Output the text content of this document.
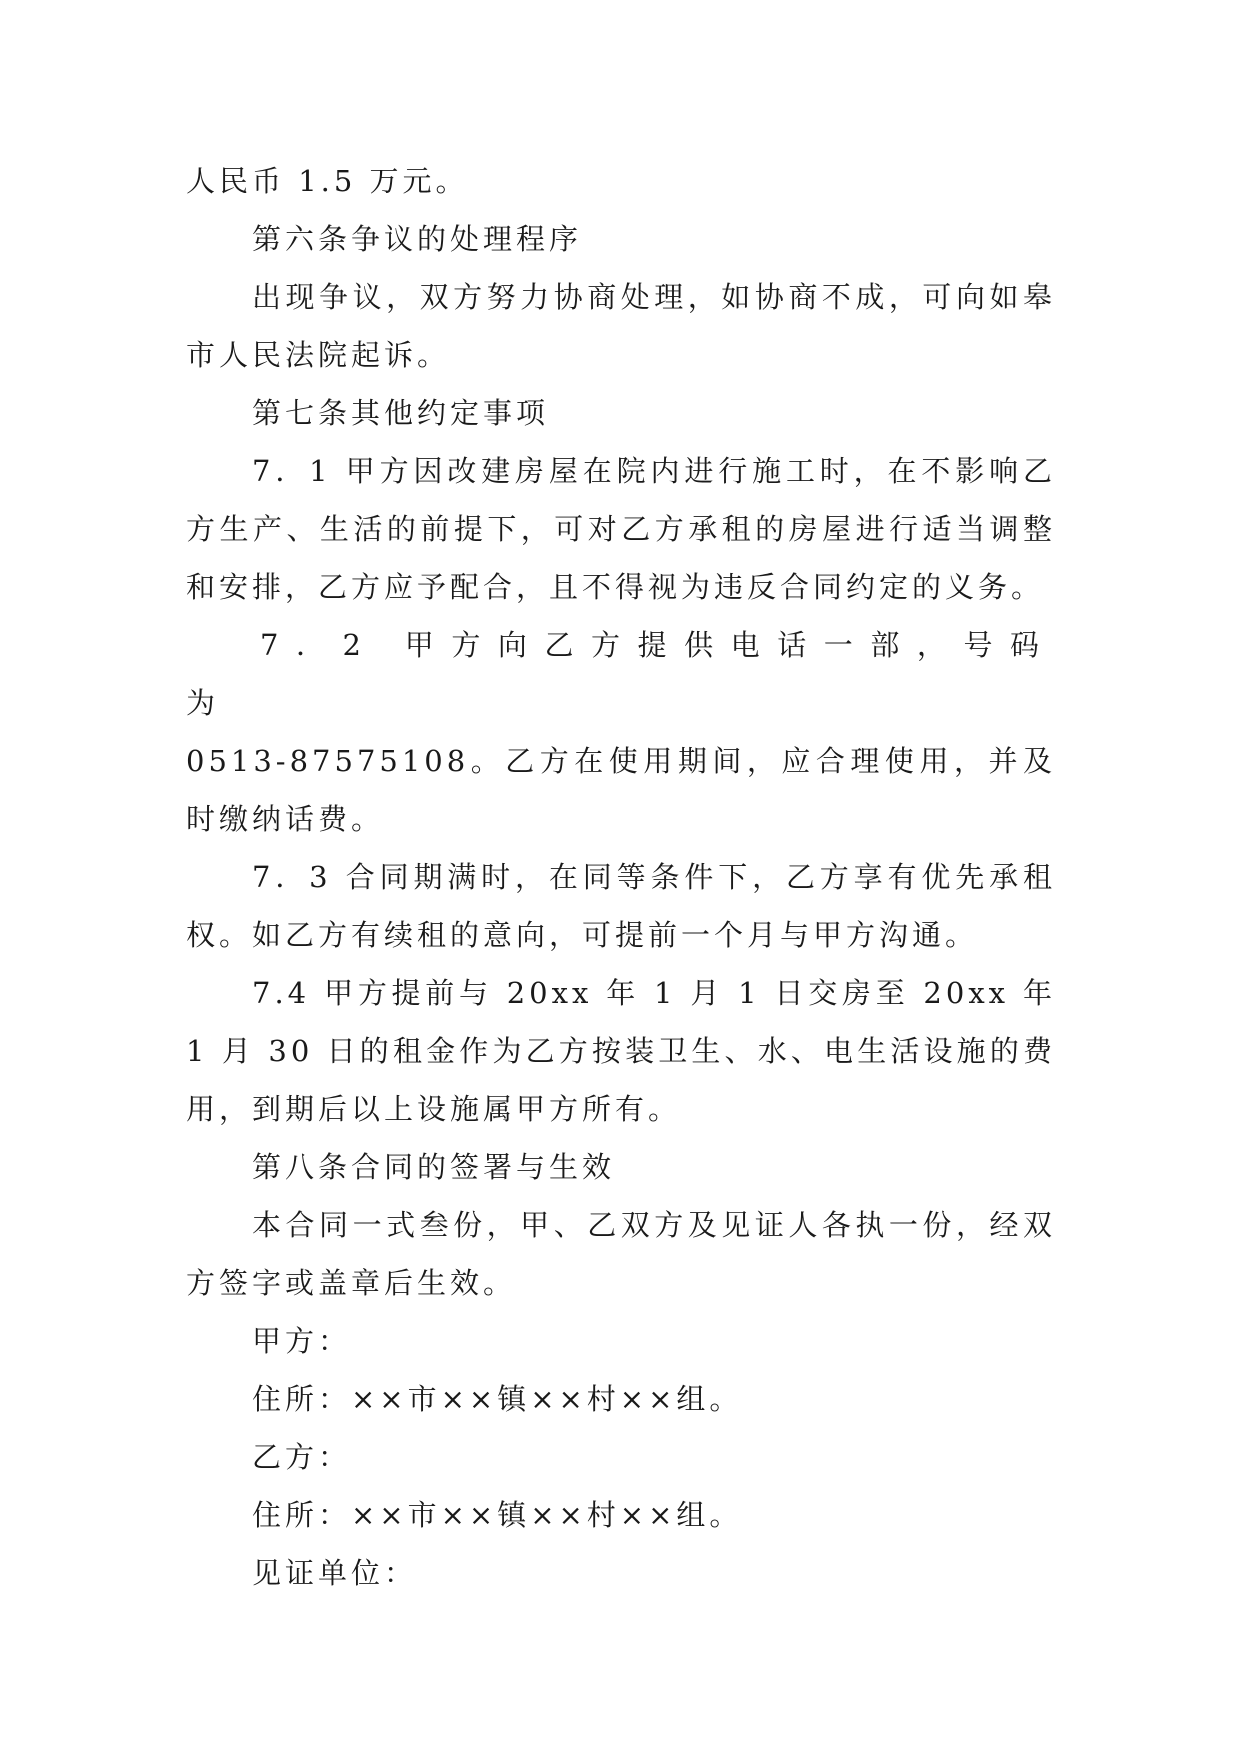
人民币 1.5 万元。

第六条争议的处理程序

出现争议，双方努力协商处理，如协商不成，可向如皋市人民法院起诉。

第七条其他约定事项

7．1 甲方因改建房屋在院内进行施工时，在不影响乙方生产、生活的前提下，可对乙方承租的房屋进行适当调整和安排，乙方应予配合，且不得视为违反合同约定的义务。

7．2 甲方向乙方提供电话一部，号码为

0513-87575108。乙方在使用期间，应合理使用，并及时缴纳话费。

7．3 合同期满时，在同等条件下，乙方享有优先承租权。如乙方有续租的意向，可提前一个月与甲方沟通。

7.4 甲方提前与 20xx 年 1 月 1 日交房至 20xx 年 1 月 30 日的租金作为乙方按装卫生、水、电生活设施的费用，到期后以上设施属甲方所有。

第八条合同的签署与生效

本合同一式叁份，甲、乙双方及见证人各执一份，经双方签字或盖章后生效。

甲方：

住所：××市××镇××村××组。

乙方：

住所：××市××镇××村××组。

见证单位：
